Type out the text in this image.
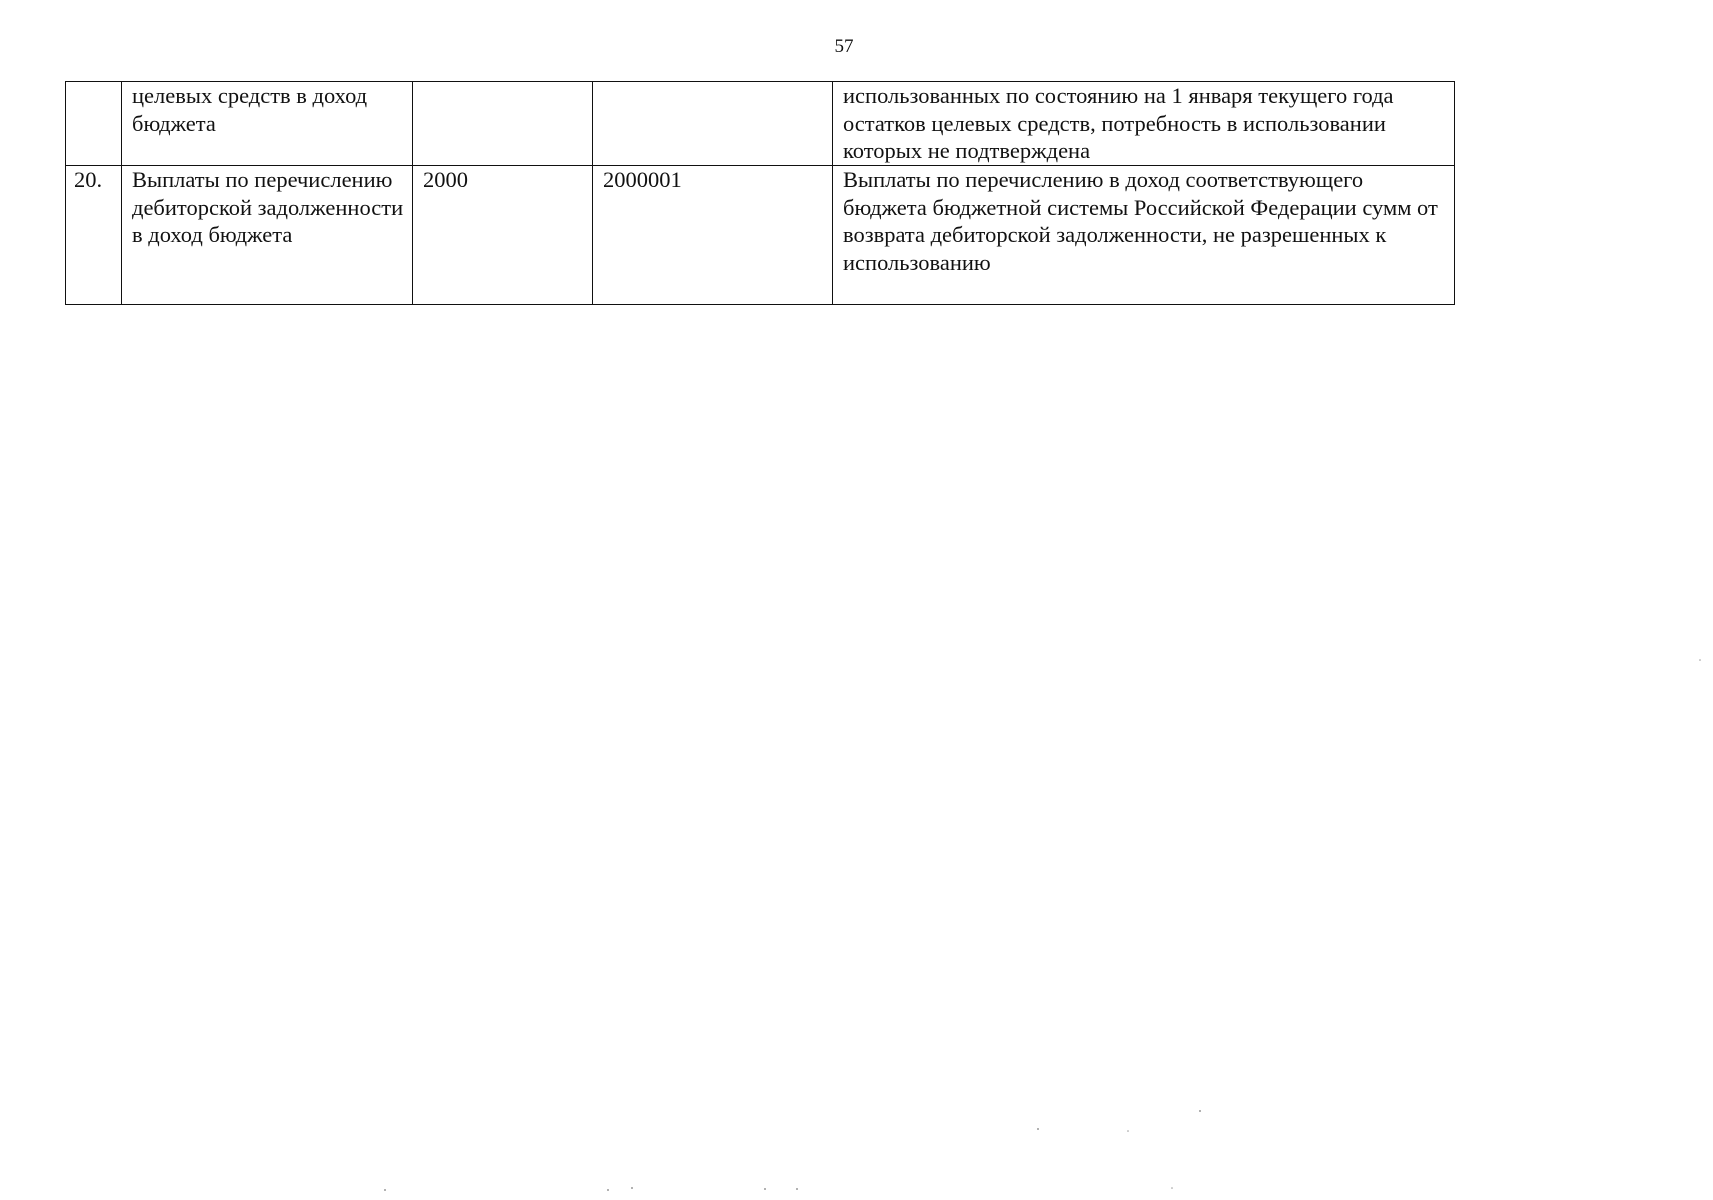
57

	целевых средств в доход бюджета			использованных по состоянию на 1 января текущего года остатков целевых средств, потребность в использовании которых не подтверждена

20.	Выплаты по перечислению дебиторской задолженности в доход бюджета	2000	2000001	Выплаты по перечислению в доход соответствующего бюджета бюджетной системы Российской Федерации сумм от возврата дебиторской задолженности, не разрешенных к использованию
